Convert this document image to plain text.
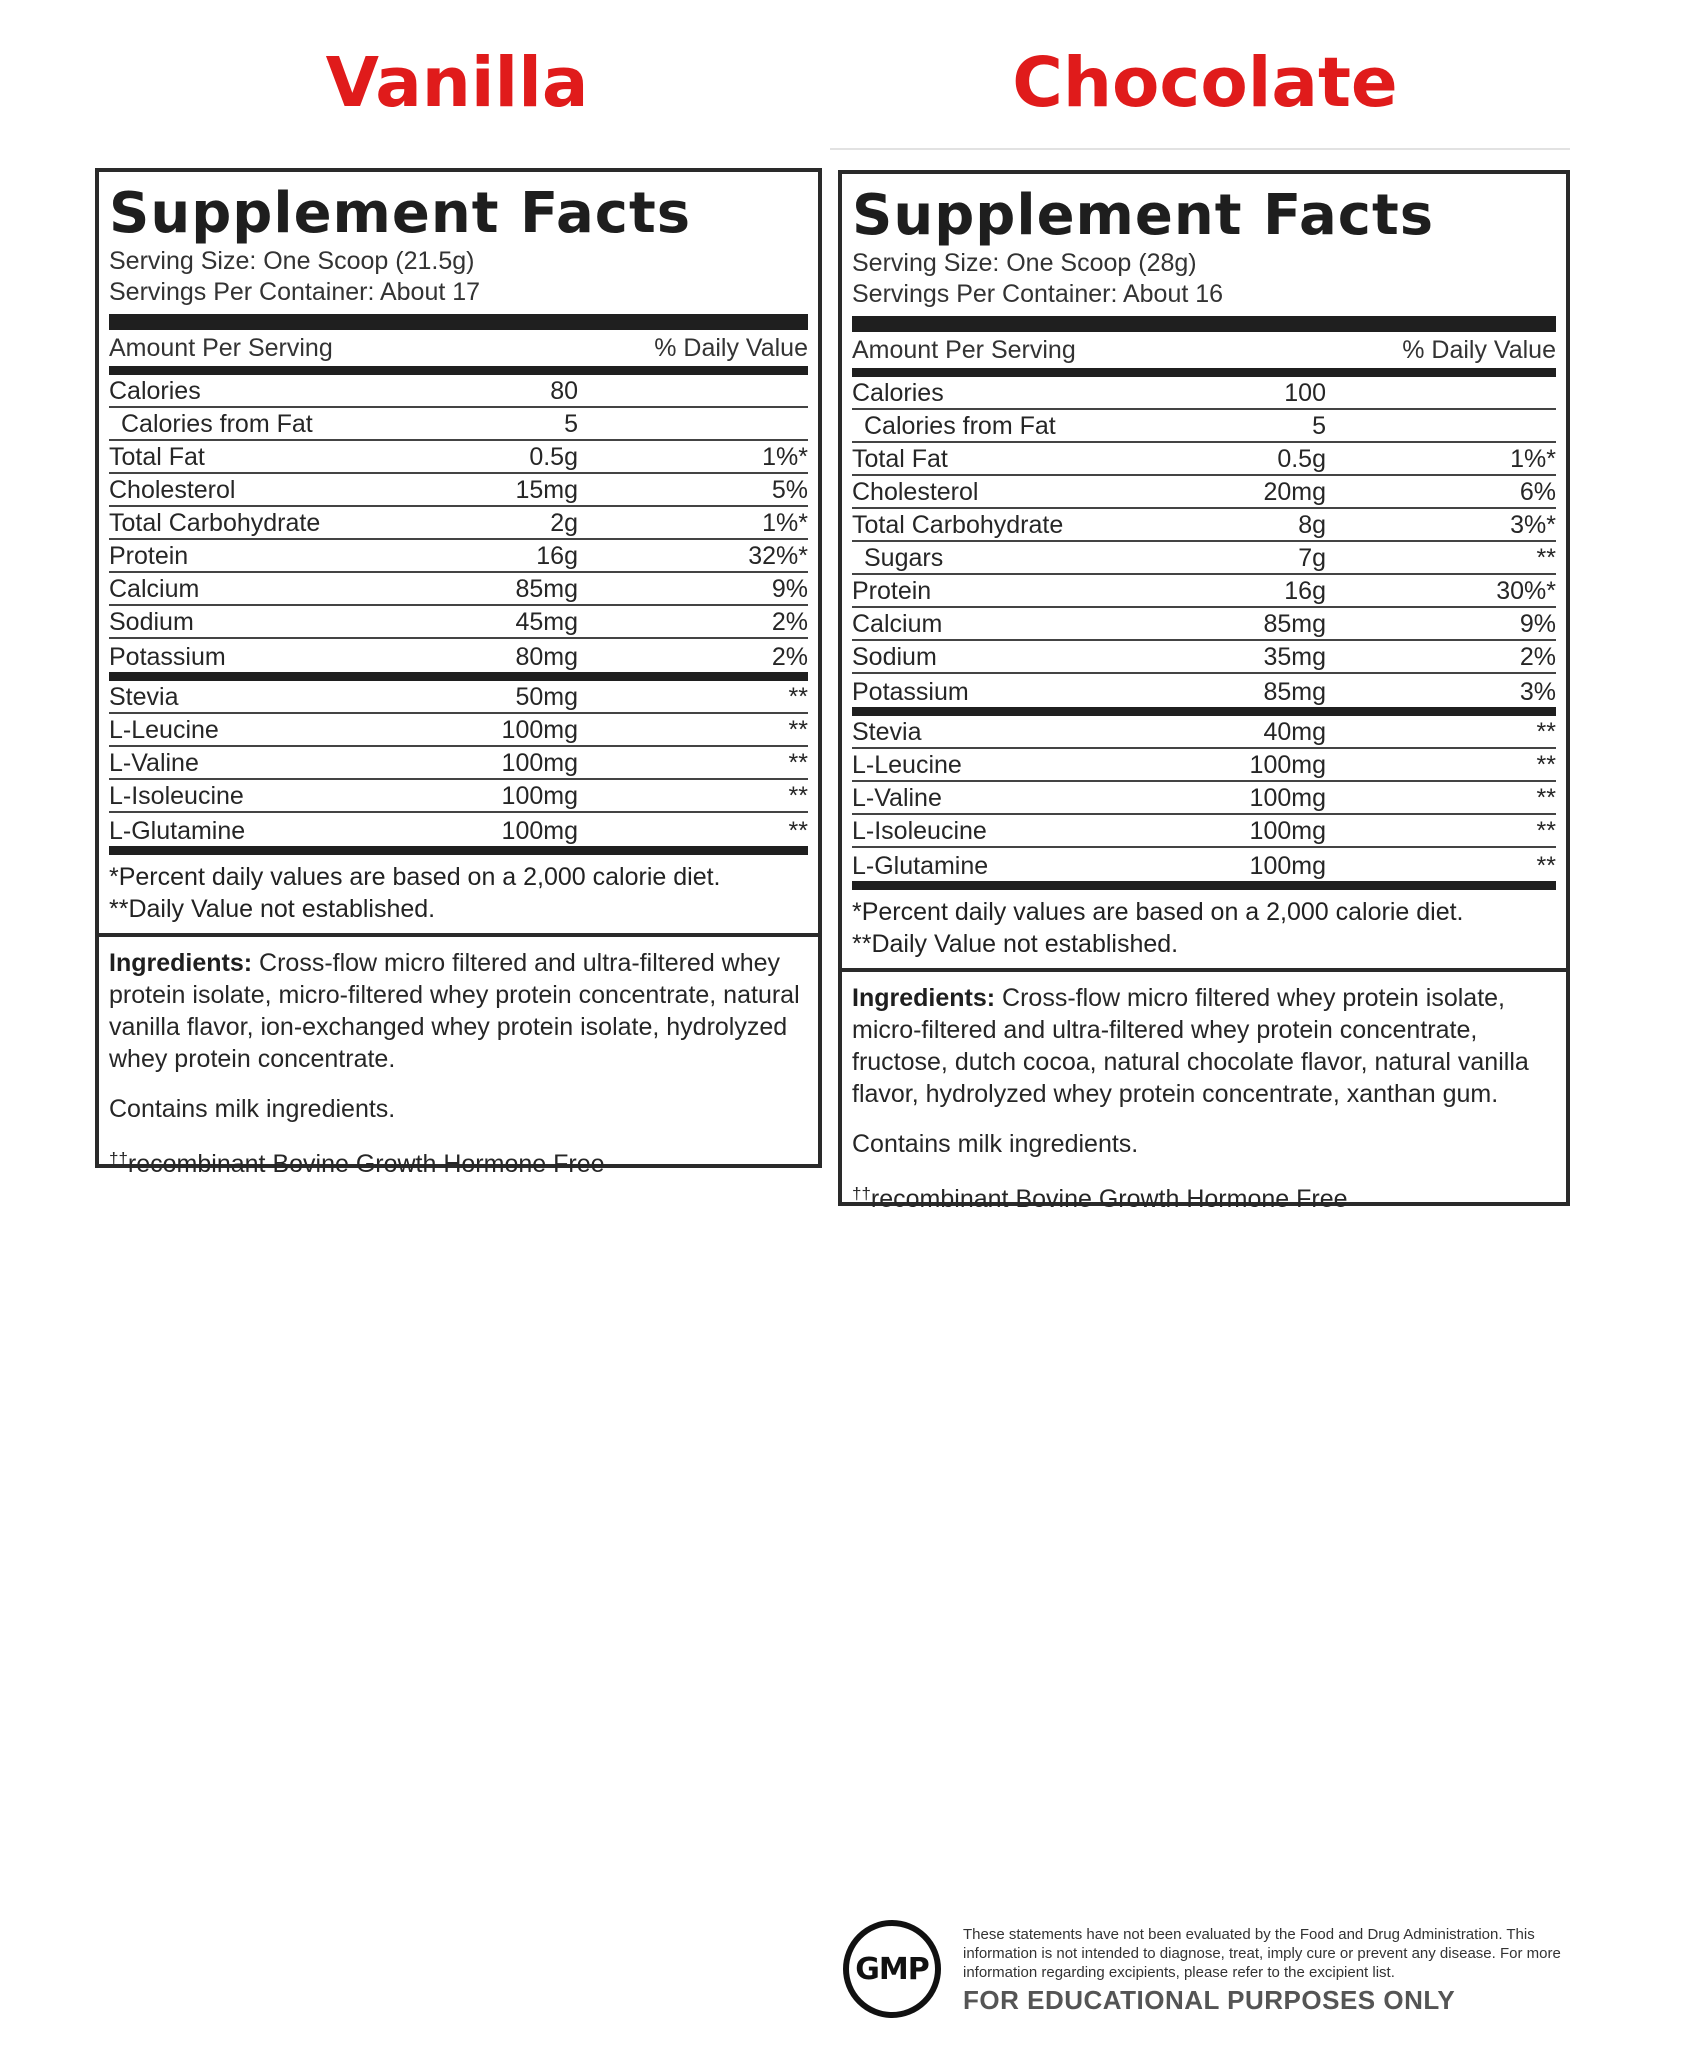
Vanilla	Chocolate
Supplement Facts
Serving Size: One Scoop (21.5g)
Servings Per Container: About 17
Amount Per Serving	% Daily Value
Calories	80
Calories from Fat	5
Total Fat	0.5g	1%*
Cholesterol	15mg	5%
Total Carbohydrate	2g	1%*
Protein	16g	32%*
Calcium	85mg	9%
Sodium	45mg	2%
Potassium	80mg	2%
Stevia	50mg	**
L-Leucine	100mg	**
L-Valine	100mg	**
L-Isoleucine	100mg	**
L-Glutamine	100mg	**
*Percent daily values are based on a 2,000 calorie diet.
**Daily Value not established.

Ingredients: Cross-flow micro filtered and ultra-filtered whey protein isolate, micro-filtered whey protein concentrate, natural vanilla flavor, ion-exchanged whey protein isolate, hydrolyzed whey protein concentrate.

Contains milk ingredients.

††recombinant Bovine Growth Hormone Free

Supplement Facts
Serving Size: One Scoop (28g)
Servings Per Container: About 16
Amount Per Serving	% Daily Value
Calories	100
Calories from Fat	5
Total Fat	0.5g	1%*
Cholesterol	20mg	6%
Total Carbohydrate	8g	3%*
Sugars	7g	**
Protein	16g	30%*
Calcium	85mg	9%
Sodium	35mg	2%
Potassium	85mg	3%
Stevia	40mg	**
L-Leucine	100mg	**
L-Valine	100mg	**
L-Isoleucine	100mg	**
L-Glutamine	100mg	**
*Percent daily values are based on a 2,000 calorie diet.
**Daily Value not established.

Ingredients: Cross-flow micro filtered whey protein isolate, micro-filtered and ultra-filtered whey protein concentrate, fructose, dutch cocoa, natural chocolate flavor, natural vanilla flavor, hydrolyzed whey protein concentrate, xanthan gum.

Contains milk ingredients.

††recombinant Bovine Growth Hormone Free

GMP
These statements have not been evaluated by the Food and Drug Administration. This information is not intended to diagnose, treat, imply cure or prevent any disease. For more information regarding excipients, please refer to the excipient list.
FOR EDUCATIONAL PURPOSES ONLY
